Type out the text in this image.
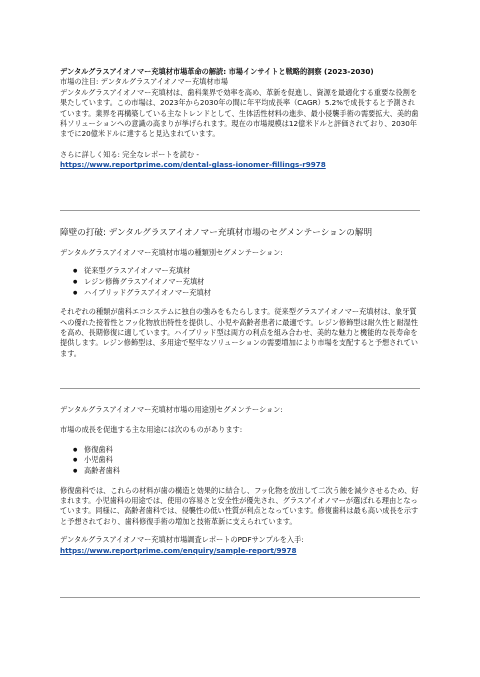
デンタルグラスアイオノマー充填材市場革命の解読: 市場インサイトと戦略的洞察 (2023-2030)

市場の注目: デンタルグラスアイオノマー充填材市場

デンタルグラスアイオノマー充填材は、歯科業界で効率を高め、革新を促進し、資源を最適化する重要な役割を果たしています。この市場は、2023年から2030年の間に年平均成長率（CAGR）5.2%で成長すると予測されています。業界を再構築している主なトレンドとして、生体活性材料の進歩、最小侵襲手術の需要拡大、美的歯科ソリューションへの意識の高まりが挙げられます。現在の市場規模は12億米ドルと評価されており、2030年までに20億米ドルに達すると見込まれています。

さらに詳しく知る: 完全なレポートを読む -

https://www.reportprime.com/dental-glass-ionomer-fillings-r9978
障壁の打破: デンタルグラスアイオノマー充填材市場のセグメンテーションの解明

デンタルグラスアイオノマー充填材市場の種類別セグメンテーション:

● 従来型グラスアイオノマー充填材
● レジン修飾グラスアイオノマー充填材
● ハイブリッドグラスアイオノマー充填材

それぞれの種類が歯科エコシステムに独自の強みをもたらします。従来型グラスアイオノマー充填材は、象牙質への優れた接着性とフッ化物放出特性を提供し、小児や高齢者患者に最適です。レジン修飾型は耐久性と耐湿性を高め、長期修復に適しています。ハイブリッド型は両方の利点を組み合わせ、美的な魅力と機能的な長寿命を提供します。レジン修飾型は、多用途で堅牢なソリューションの需要増加により市場を支配すると予想されています。

デンタルグラスアイオノマー充填材市場の用途別セグメンテーション:

市場の成長を促進する主な用途には次のものがあります:

● 修復歯科
● 小児歯科
● 高齢者歯科

修復歯科では、これらの材料が歯の構造と効果的に結合し、フッ化物を放出して二次う蝕を減少させるため、好まれます。小児歯科の用途では、使用の容易さと安全性が優先され、グラスアイオノマーが選ばれる理由となっています。同様に、高齢者歯科では、侵襲性の低い性質が利点となっています。修復歯科は最も高い成長を示すと予想されており、歯科修復手術の増加と技術革新に支えられています。

デンタルグラスアイオノマー充填材市場調査レポートのPDFサンプルを入手:

https://www.reportprime.com/enquiry/sample-report/9978
